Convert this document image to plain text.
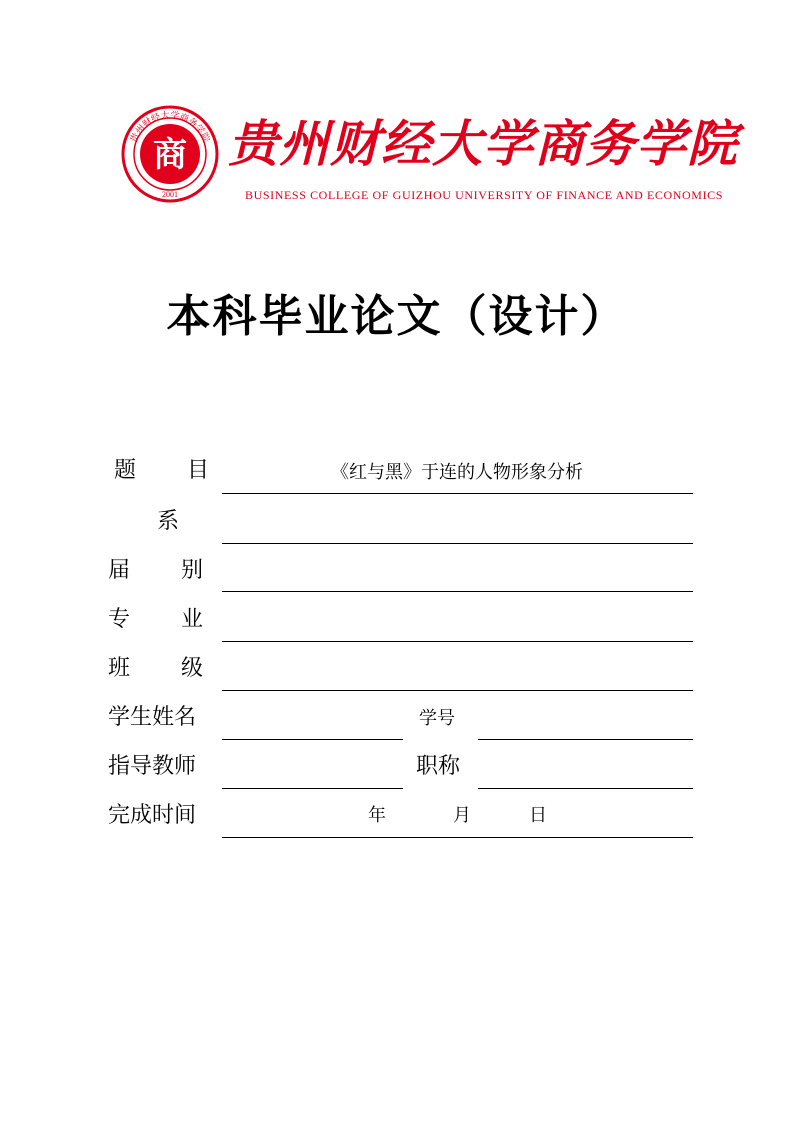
贵州财经大学商务学院
商
2001
贵州财经大学商务学院
BUSINESS COLLEGE OF GUIZHOU UNIVERSITY OF FINANCE AND ECONOMICS
本科毕业论文（设计）
题 目	《红与黑》于连的人物形象分析
系
届 别
专 业
班 级
学生姓名	学号
指导教师	职称
完成时间	年	月	日
